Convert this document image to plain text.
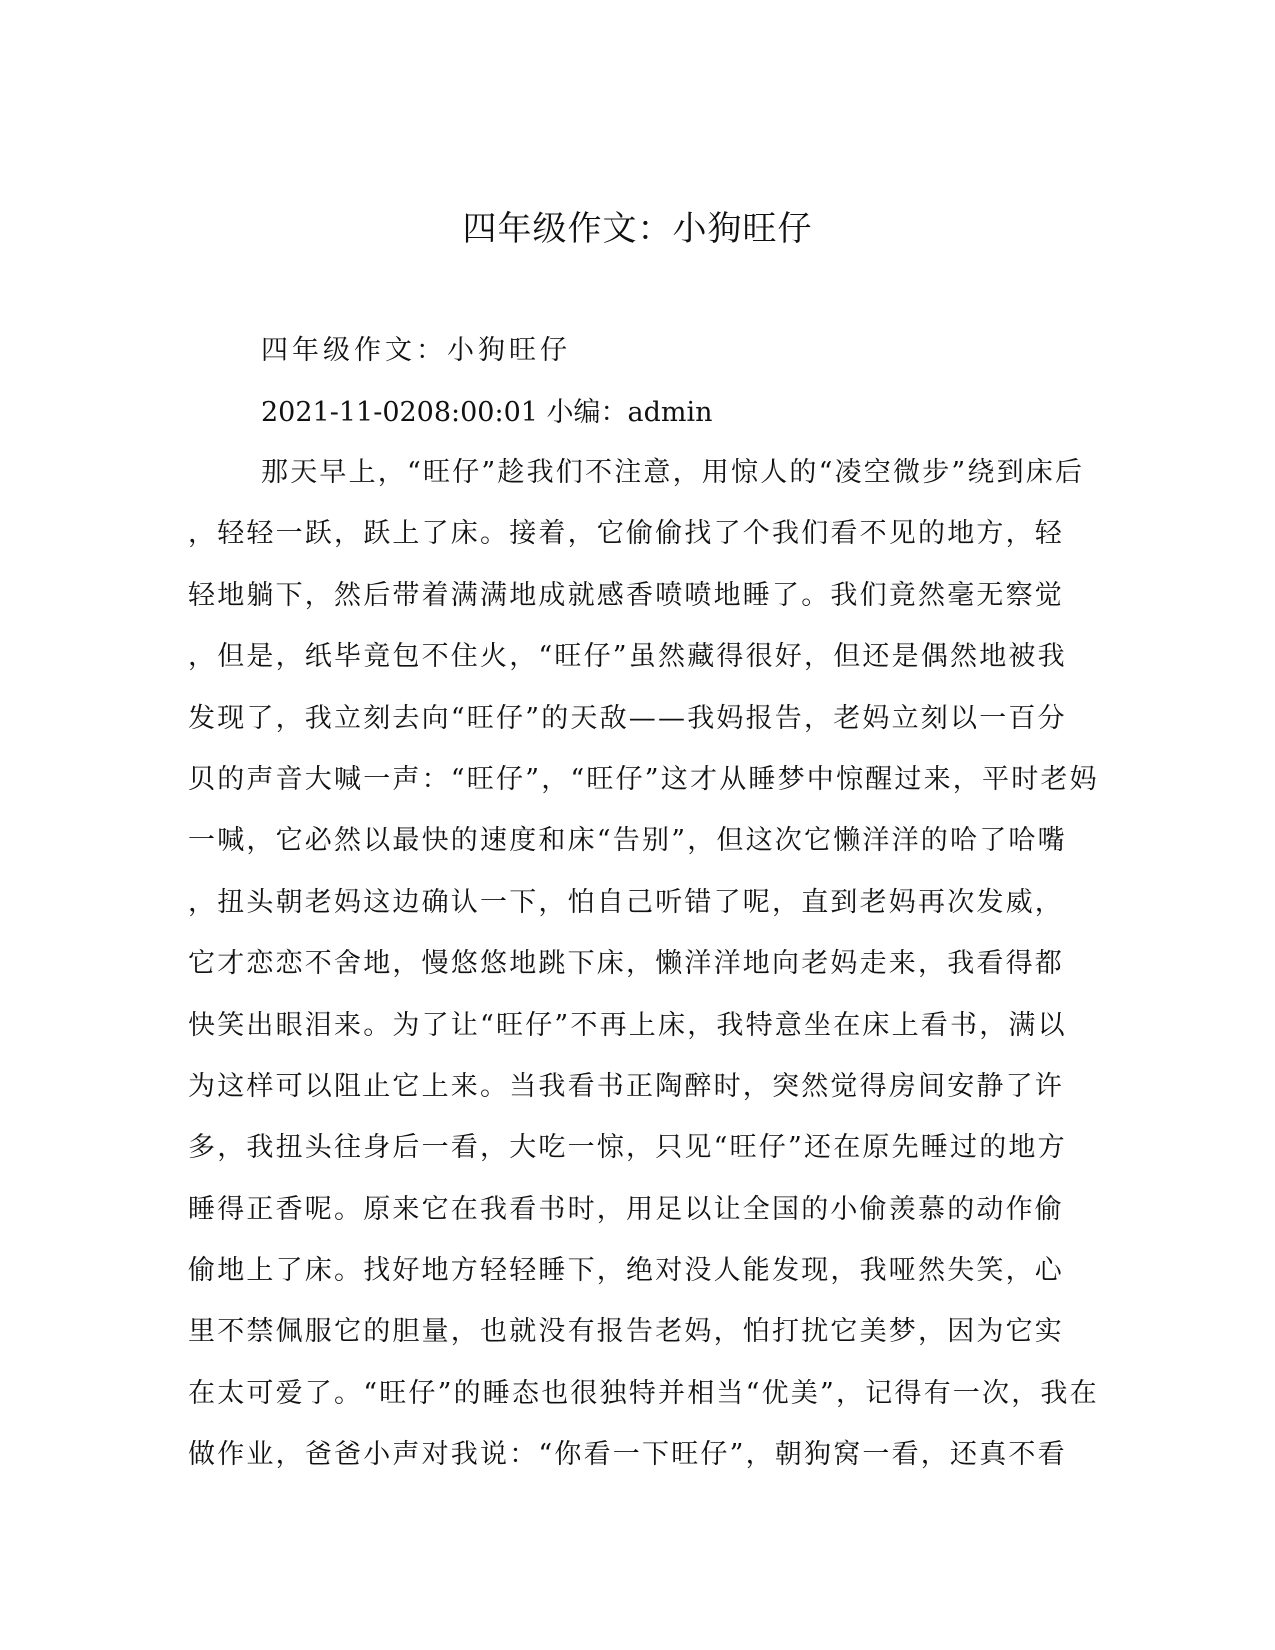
四年级作文：小狗旺仔
四年级作文：小狗旺仔
2021-11-0208:00:01 小编：admin
那天早上，“旺仔”趁我们不注意，用惊人的“凌空微步”绕到床后
，轻轻一跃，跃上了床。接着，它偷偷找了个我们看不见的地方，轻
轻地躺下，然后带着满满地成就感香喷喷地睡了。我们竟然毫无察觉
，但是，纸毕竟包不住火，“旺仔”虽然藏得很好，但还是偶然地被我
发现了，我立刻去向“旺仔”的天敌——我妈报告，老妈立刻以一百分
贝的声音大喊一声：“旺仔”，“旺仔”这才从睡梦中惊醒过来，平时老妈
一喊，它必然以最快的速度和床“告别”，但这次它懒洋洋的哈了哈嘴
，扭头朝老妈这边确认一下，怕自己听错了呢，直到老妈再次发威，
它才恋恋不舍地，慢悠悠地跳下床，懒洋洋地向老妈走来，我看得都
快笑出眼泪来。为了让“旺仔”不再上床，我特意坐在床上看书，满以
为这样可以阻止它上来。当我看书正陶醉时，突然觉得房间安静了许
多，我扭头往身后一看，大吃一惊，只见“旺仔”还在原先睡过的地方
睡得正香呢。原来它在我看书时，用足以让全国的小偷羡慕的动作偷
偷地上了床。找好地方轻轻睡下，绝对没人能发现，我哑然失笑，心
里不禁佩服它的胆量，也就没有报告老妈，怕打扰它美梦，因为它实
在太可爱了。“旺仔”的睡态也很独特并相当“优美”，记得有一次，我在
做作业，爸爸小声对我说：“你看一下旺仔”，朝狗窝一看，还真不看
